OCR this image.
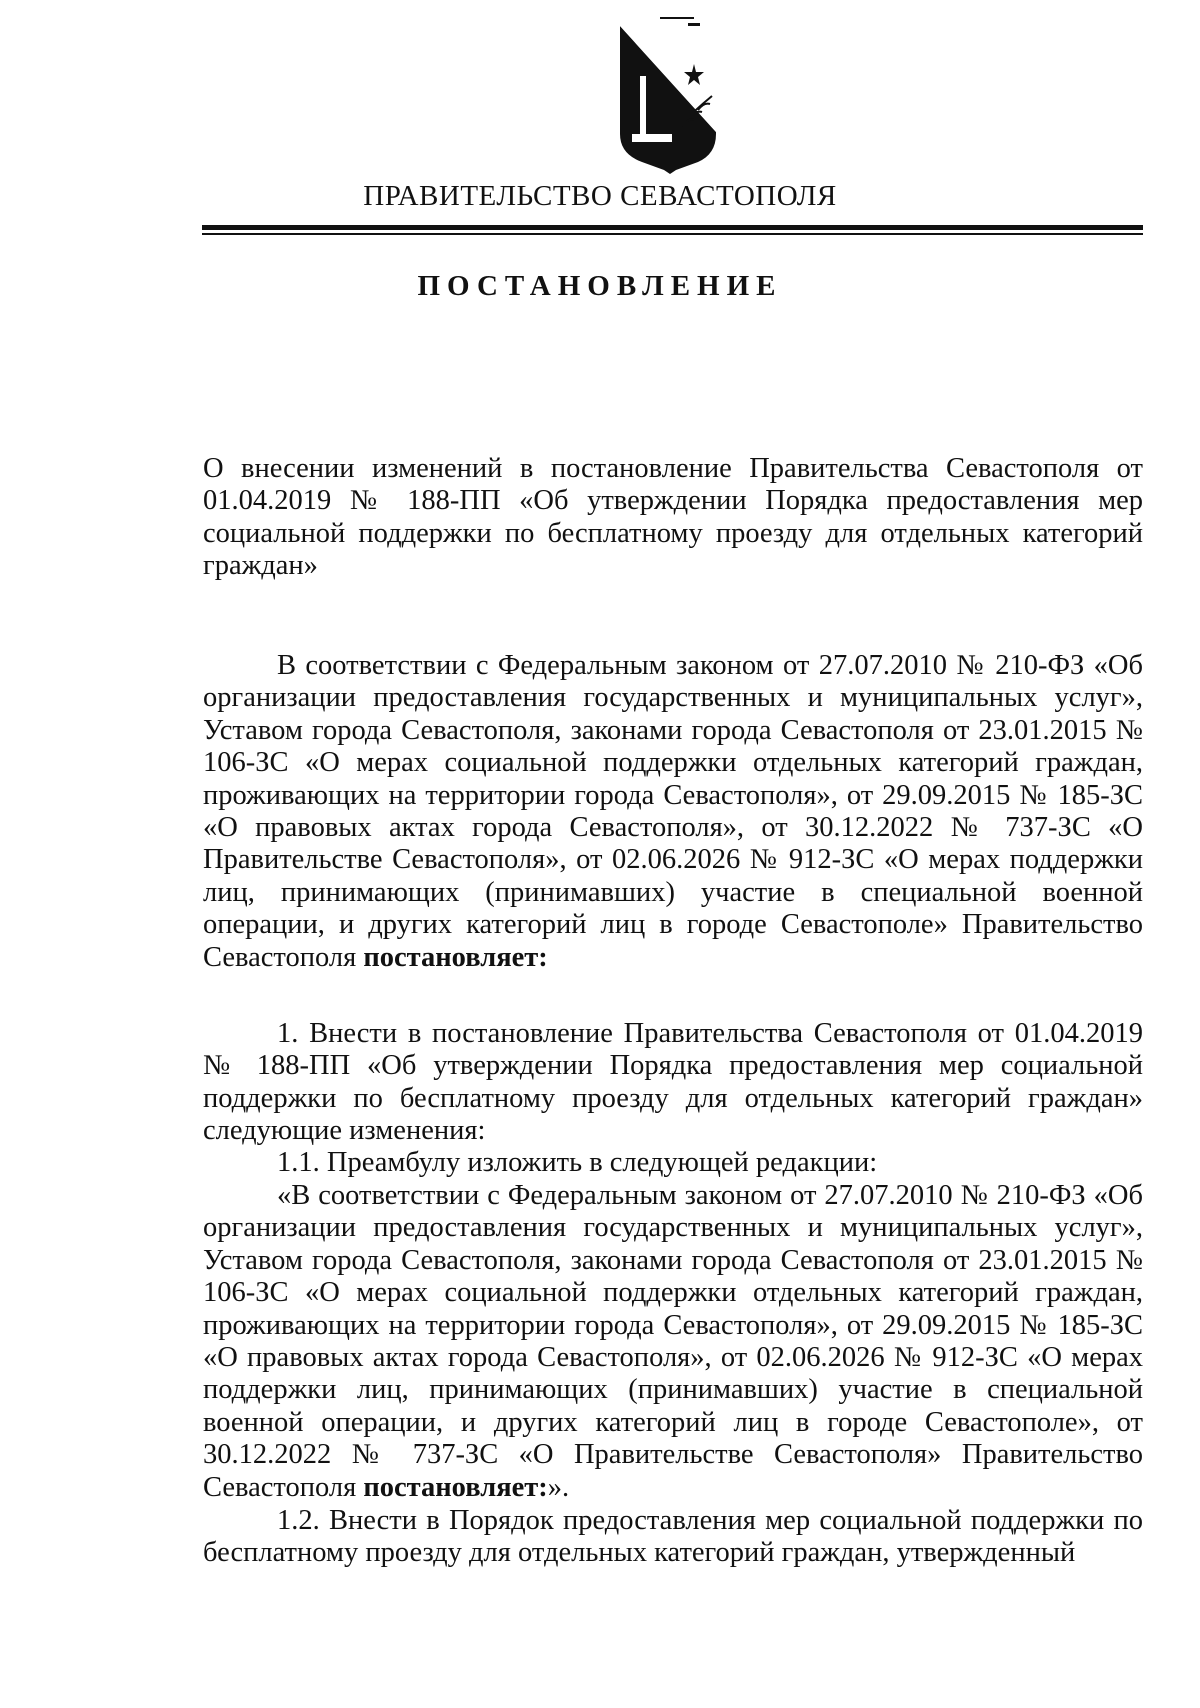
ПРАВИТЕЛЬСТВО СЕВАСТОПОЛЯ
ПОСТАНОВЛЕНИЕ
О внесении изменений в постановление Правительства Севастополя от 01.04.2019 № 188-ПП «Об утверждении Порядка предоставления мер социальной поддержки по бесплатному проезду для отдельных категорий граждан»
В соответствии с Федеральным законом от 27.07.2010 № 210-ФЗ «Об организации предоставления государственных и муниципальных услуг», Уставом города Севастополя, законами города Севастополя от 23.01.2015 № 106-ЗС «О мерах социальной поддержки отдельных категорий граждан, проживающих на территории города Севастополя», от 29.09.2015 № 185-ЗС «О правовых актах города Севастополя», от 30.12.2022 № 737-ЗС «О Правительстве Севастополя», от 02.06.2026 № 912-ЗС «О мерах поддержки лиц, принимающих (принимавших) участие в специальной военной операции, и других категорий лиц в городе Севастополе» Правительство Севастополя постановляет:
1. Внести в постановление Правительства Севастополя от 01.04.2019 № 188-ПП «Об утверждении Порядка предоставления мер социальной поддержки по бесплатному проезду для отдельных категорий граждан» следующие изменения:
1.1. Преамбулу изложить в следующей редакции:
«В соответствии с Федеральным законом от 27.07.2010 № 210-ФЗ «Об организации предоставления государственных и муниципальных услуг», Уставом города Севастополя, законами города Севастополя от 23.01.2015 № 106-ЗС «О мерах социальной поддержки отдельных категорий граждан, проживающих на территории города Севастополя», от 29.09.2015 № 185-ЗС «О правовых актах города Севастополя», от 02.06.2026 № 912-ЗС «О мерах поддержки лиц, принимающих (принимавших) участие в специальной военной операции, и других категорий лиц в городе Севастополе», от 30.12.2022 № 737-ЗС «О Правительстве Севастополя» Правительство Севастополя постановляет:».
1.2. Внести в Порядок предоставления мер социальной поддержки по бесплатному проезду для отдельных категорий граждан, утвержденный
